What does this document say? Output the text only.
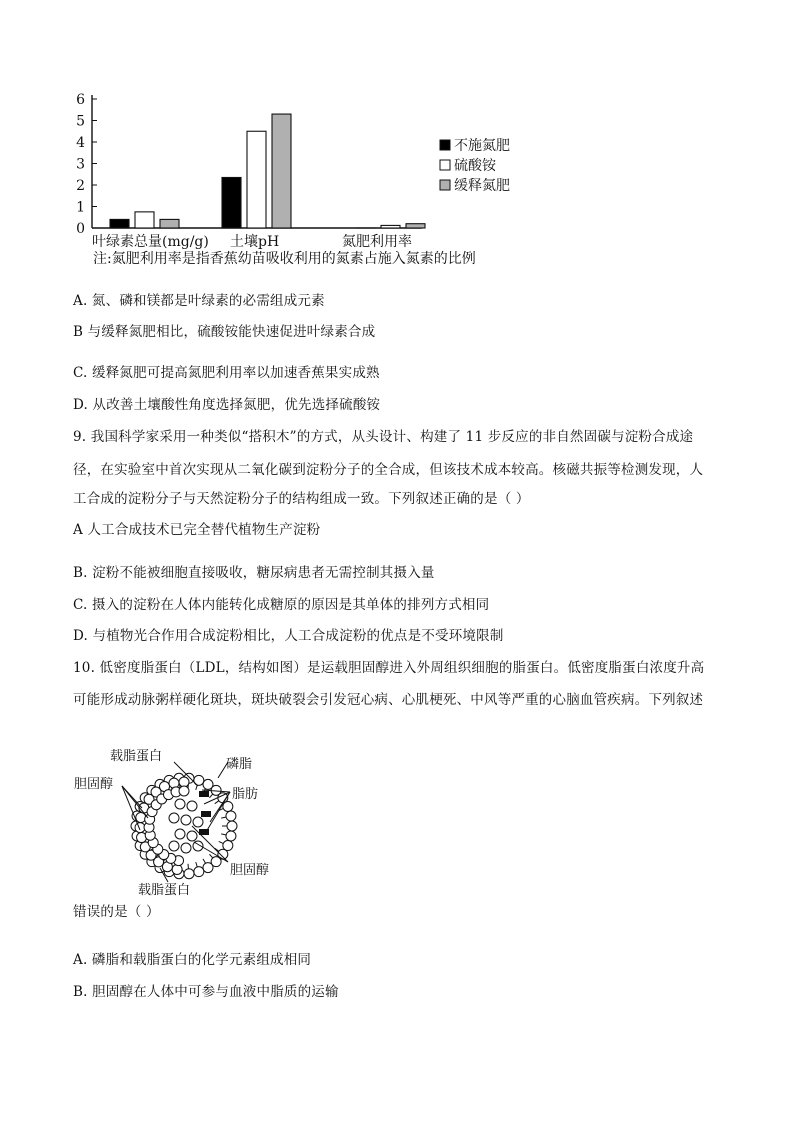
0
1
2
3
4
5
6
叶绿素总量(mg/g) 土壤pH	氮肥利用率
不施氮肥
硫酸铵
缓释氮肥
注:氮肥利用率是指香蕉幼苗吸收利用的氮素占施入氮素的比例
A. 氮、磷和镁都是叶绿素的必需组成元素
B 与缓释氮肥相比，硫酸铵能快速促进叶绿素合成
C. 缓释氮肥可提高氮肥利用率以加速香蕉果实成熟
D. 从改善土壤酸性角度选择氮肥，优先选择硫酸铵
9. 我国科学家采用一种类似“搭积木”的方式，从头设计、构建了 11 步反应的非自然固碳与淀粉合成途
径，在实验室中首次实现从二氧化碳到淀粉分子的全合成，但该技术成本较高。核磁共振等检测发现，人
工合成的淀粉分子与天然淀粉分子的结构组成一致。下列叙述正确的是（ ）
A 人工合成技术已完全替代植物生产淀粉
B. 淀粉不能被细胞直接吸收，糖尿病患者无需控制其摄入量
C. 摄入的淀粉在人体内能转化成糖原的原因是其单体的排列方式相同
D. 与植物光合作用合成淀粉相比，人工合成淀粉的优点是不受环境限制
10. 低密度脂蛋白（LDL，结构如图）是运载胆固醇进入外周组织细胞的脂蛋白。低密度脂蛋白浓度升高
可能形成动脉粥样硬化斑块，斑块破裂会引发冠心病、心肌梗死、中风等严重的心脑血管疾病。下列叙述
载脂蛋白
磷脂
胆固醇
脂肪
胆固醇
载脂蛋白
错误的是（ ）
A. 磷脂和载脂蛋白的化学元素组成相同
B. 胆固醇在人体中可参与血液中脂质的运输
